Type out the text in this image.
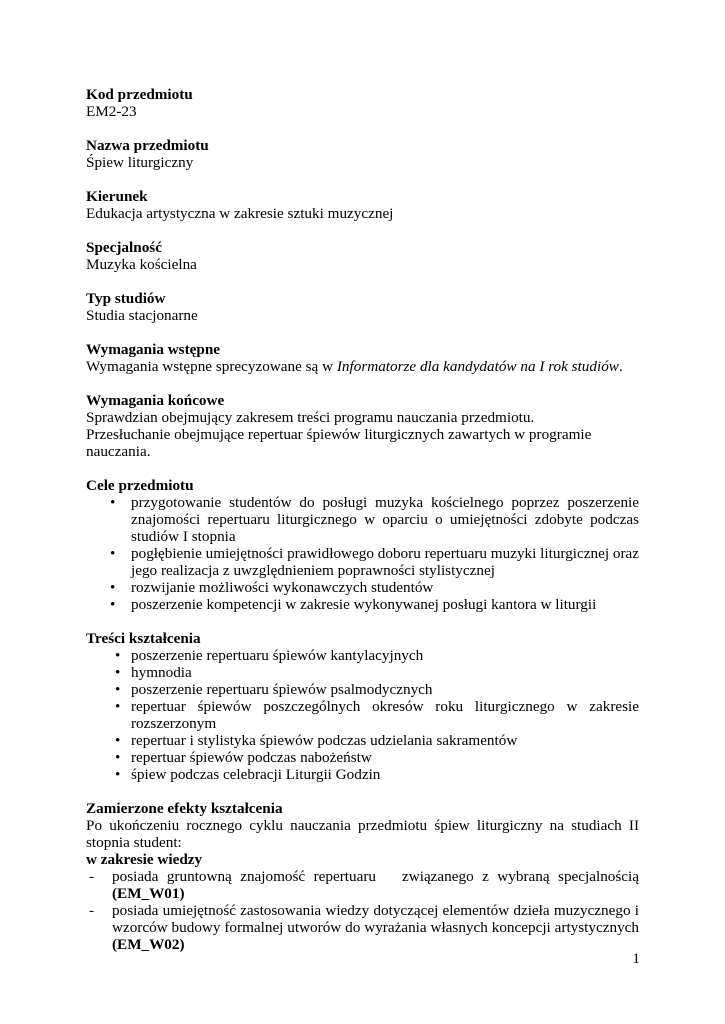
Kod przedmiotu
EM2-23
Nazwa przedmiotu
Śpiew liturgiczny
Kierunek
Edukacja artystyczna w zakresie sztuki muzycznej
Specjalność
Muzyka kościelna
Typ studiów
Studia stacjonarne
Wymagania wstępne
Wymagania wstępne sprecyzowane są w Informatorze dla kandydatów na I rok studiów.
Wymagania końcowe
Sprawdzian obejmujący zakresem treści programu nauczania przedmiotu.
Przesłuchanie obejmujące repertuar śpiewów liturgicznych zawartych w programie nauczania.
Cele przedmiotu
• przygotowanie studentów do posługi muzyka kościelnego poprzez poszerzenie znajomości repertuaru liturgicznego w oparciu o umiejętności zdobyte podczas studiów I stopnia
• pogłębienie umiejętności prawidłowego doboru repertuaru muzyki liturgicznej oraz jego realizacja z uwzględnieniem poprawności stylistycznej
• rozwijanie możliwości wykonawczych studentów
• poszerzenie kompetencji w zakresie wykonywanej posługi kantora w liturgii
Treści kształcenia
• poszerzenie repertuaru śpiewów kantylacyjnych
• hymnodia
• poszerzenie repertuaru śpiewów psalmodycznych
• repertuar śpiewów poszczególnych okresów roku liturgicznego w zakresie rozszerzonym
• repertuar i stylistyka śpiewów podczas udzielania sakramentów
• repertuar śpiewów podczas nabożeństw
• śpiew podczas celebracji Liturgii Godzin
Zamierzone efekty kształcenia
Po ukończeniu rocznego cyklu nauczania przedmiotu śpiew liturgiczny na studiach II stopnia student:
w zakresie wiedzy
- posiada gruntowną znajomość repertuaru związanego z wybraną specjalnością (EM_W01)
- posiada umiejętność zastosowania wiedzy dotyczącej elementów dzieła muzycznego i wzorców budowy formalnej utworów do wyrażania własnych koncepcji artystycznych (EM_W02)
1
